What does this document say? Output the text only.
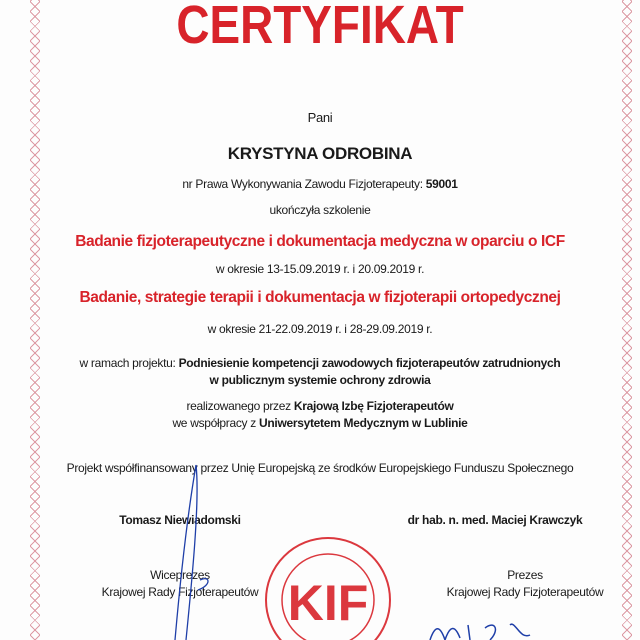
CERTYFIKAT
Pani
KRYSTYNA ODROBINA
nr Prawa Wykonywania Zawodu Fizjoterapeuty: 59001
ukończyła szkolenie
Badanie fizjoterapeutyczne i dokumentacja medyczna w oparciu o ICF
w okresie 13-15.09.2019 r. i 20.09.2019 r.
Badanie, strategie terapii i dokumentacja w fizjoterapii ortopedycznej
w okresie 21-22.09.2019 r. i 28-29.09.2019 r.
w ramach projektu: Podniesienie kompetencji zawodowych fizjoterapeutów zatrudnionych
w publicznym systemie ochrony zdrowia
realizowanego przez Krajową Izbę Fizjoterapeutów
we współpracy z Uniwersytetem Medycznym w Lublinie
Projekt współfinansowany przez Unię Europejską ze środków Europejskiego Funduszu Społecznego
Tomasz Niewiadomski
Wiceprezes
Krajowej Rady Fizjoterapeutów
dr hab. n. med. Maciej Krawczyk
Prezes
Krajowej Rady Fizjoterapeutów
KIF
